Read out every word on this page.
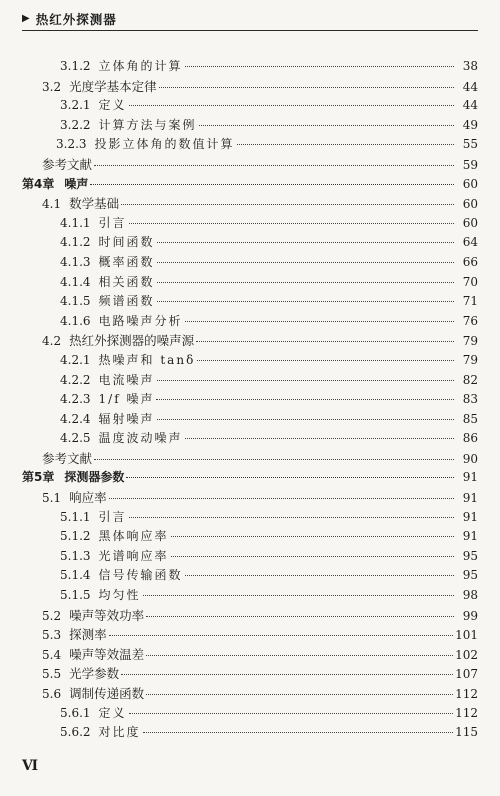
▶ 热红外探测器
3.1.2 立体角的计算	38
3.2 光度学基本定律	44
3.2.1 定义	44
3.2.2 计算方法与案例	49
3.2.3 投影立体角的数值计算	55
参考文献	59
第4章 噪声	60
4.1 数学基础	60
4.1.1 引言	60
4.1.2 时间函数	64
4.1.3 概率函数	66
4.1.4 相关函数	70
4.1.5 频谱函数	71
4.1.6 电路噪声分析	76
4.2 热红外探测器的噪声源	79
4.2.1 热噪声和 tanδ	79
4.2.2 电流噪声	82
4.2.3 1/f 噪声	83
4.2.4 辐射噪声	85
4.2.5 温度波动噪声	86
参考文献	90
第5章 探测器参数	91
5.1 响应率	91
5.1.1 引言	91
5.1.2 黑体响应率	91
5.1.3 光谱响应率	95
5.1.4 信号传输函数	95
5.1.5 均匀性	98
5.2 噪声等效功率	99
5.3 探测率	101
5.4 噪声等效温差	102
5.5 光学参数	107
5.6 调制传递函数	112
5.6.1 定义	112
5.6.2 对比度	115
Ⅵ
